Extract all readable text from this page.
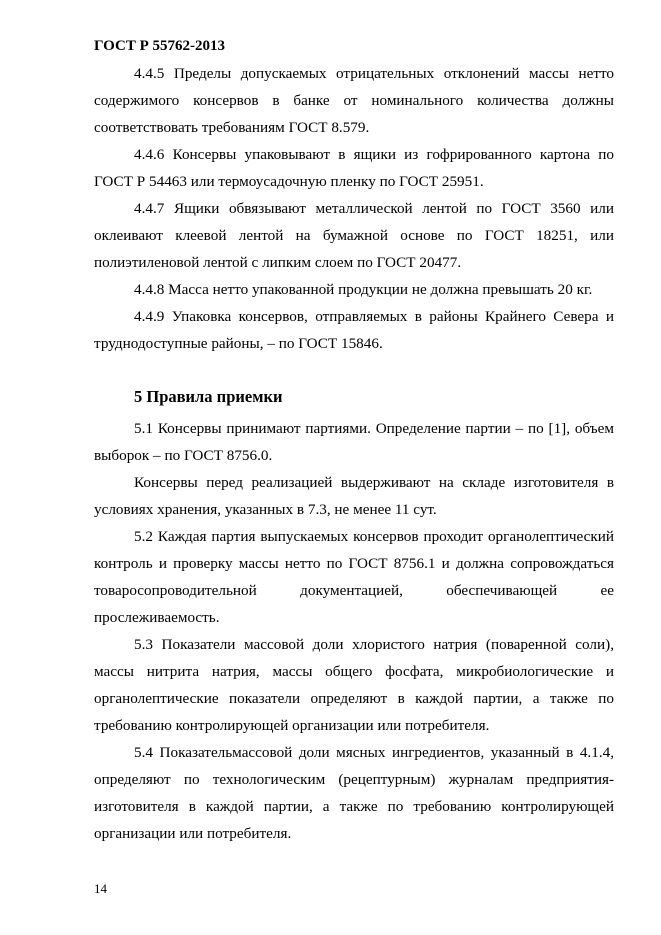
ГОСТ Р 55762-2013

4.4.5 Пределы допускаемых отрицательных отклонений массы нетто содержимого консервов в банке от номинального количества должны соответствовать требованиям ГОСТ 8.579.

4.4.6 Консервы упаковывают в ящики из гофрированного картона по ГОСТ Р 54463 или термоусадочную пленку по ГОСТ 25951.

4.4.7 Ящики обвязывают металлической лентой по ГОСТ 3560 или оклеивают клеевой лентой на бумажной основе по ГОСТ 18251, или полиэтиленовой лентой с липким слоем по ГОСТ 20477.

4.4.8 Масса нетто упакованной продукции не должна превышать 20 кг.

4.4.9 Упаковка консервов, отправляемых в районы Крайнего Севера и труднодоступные районы, – по ГОСТ 15846.

5 Правила приемки

5.1 Консервы принимают партиями. Определение партии – по [1], объем выборок – по ГОСТ 8756.0.

Консервы перед реализацией выдерживают на складе изготовителя в условиях хранения, указанных в 7.3, не менее 11 сут.

5.2 Каждая партия выпускаемых консервов проходит органолептический контроль и проверку массы нетто по ГОСТ 8756.1 и должна сопровождаться товаросопроводительной документацией, обеспечивающей ее прослеживаемость.

5.3 Показатели массовой доли хлористого натрия (поваренной соли), массы нитрита натрия, массы общего фосфата, микробиологические и органолептические показатели определяют в каждой партии, а также по требованию контролирующей организации или потребителя.

5.4 Показательмассовой доли мясных ингредиентов, указанный в 4.1.4, определяют по технологическим (рецептурным) журналам предприятия-изготовителя в каждой партии, а также по требованию контролирующей организации или потребителя.

14
